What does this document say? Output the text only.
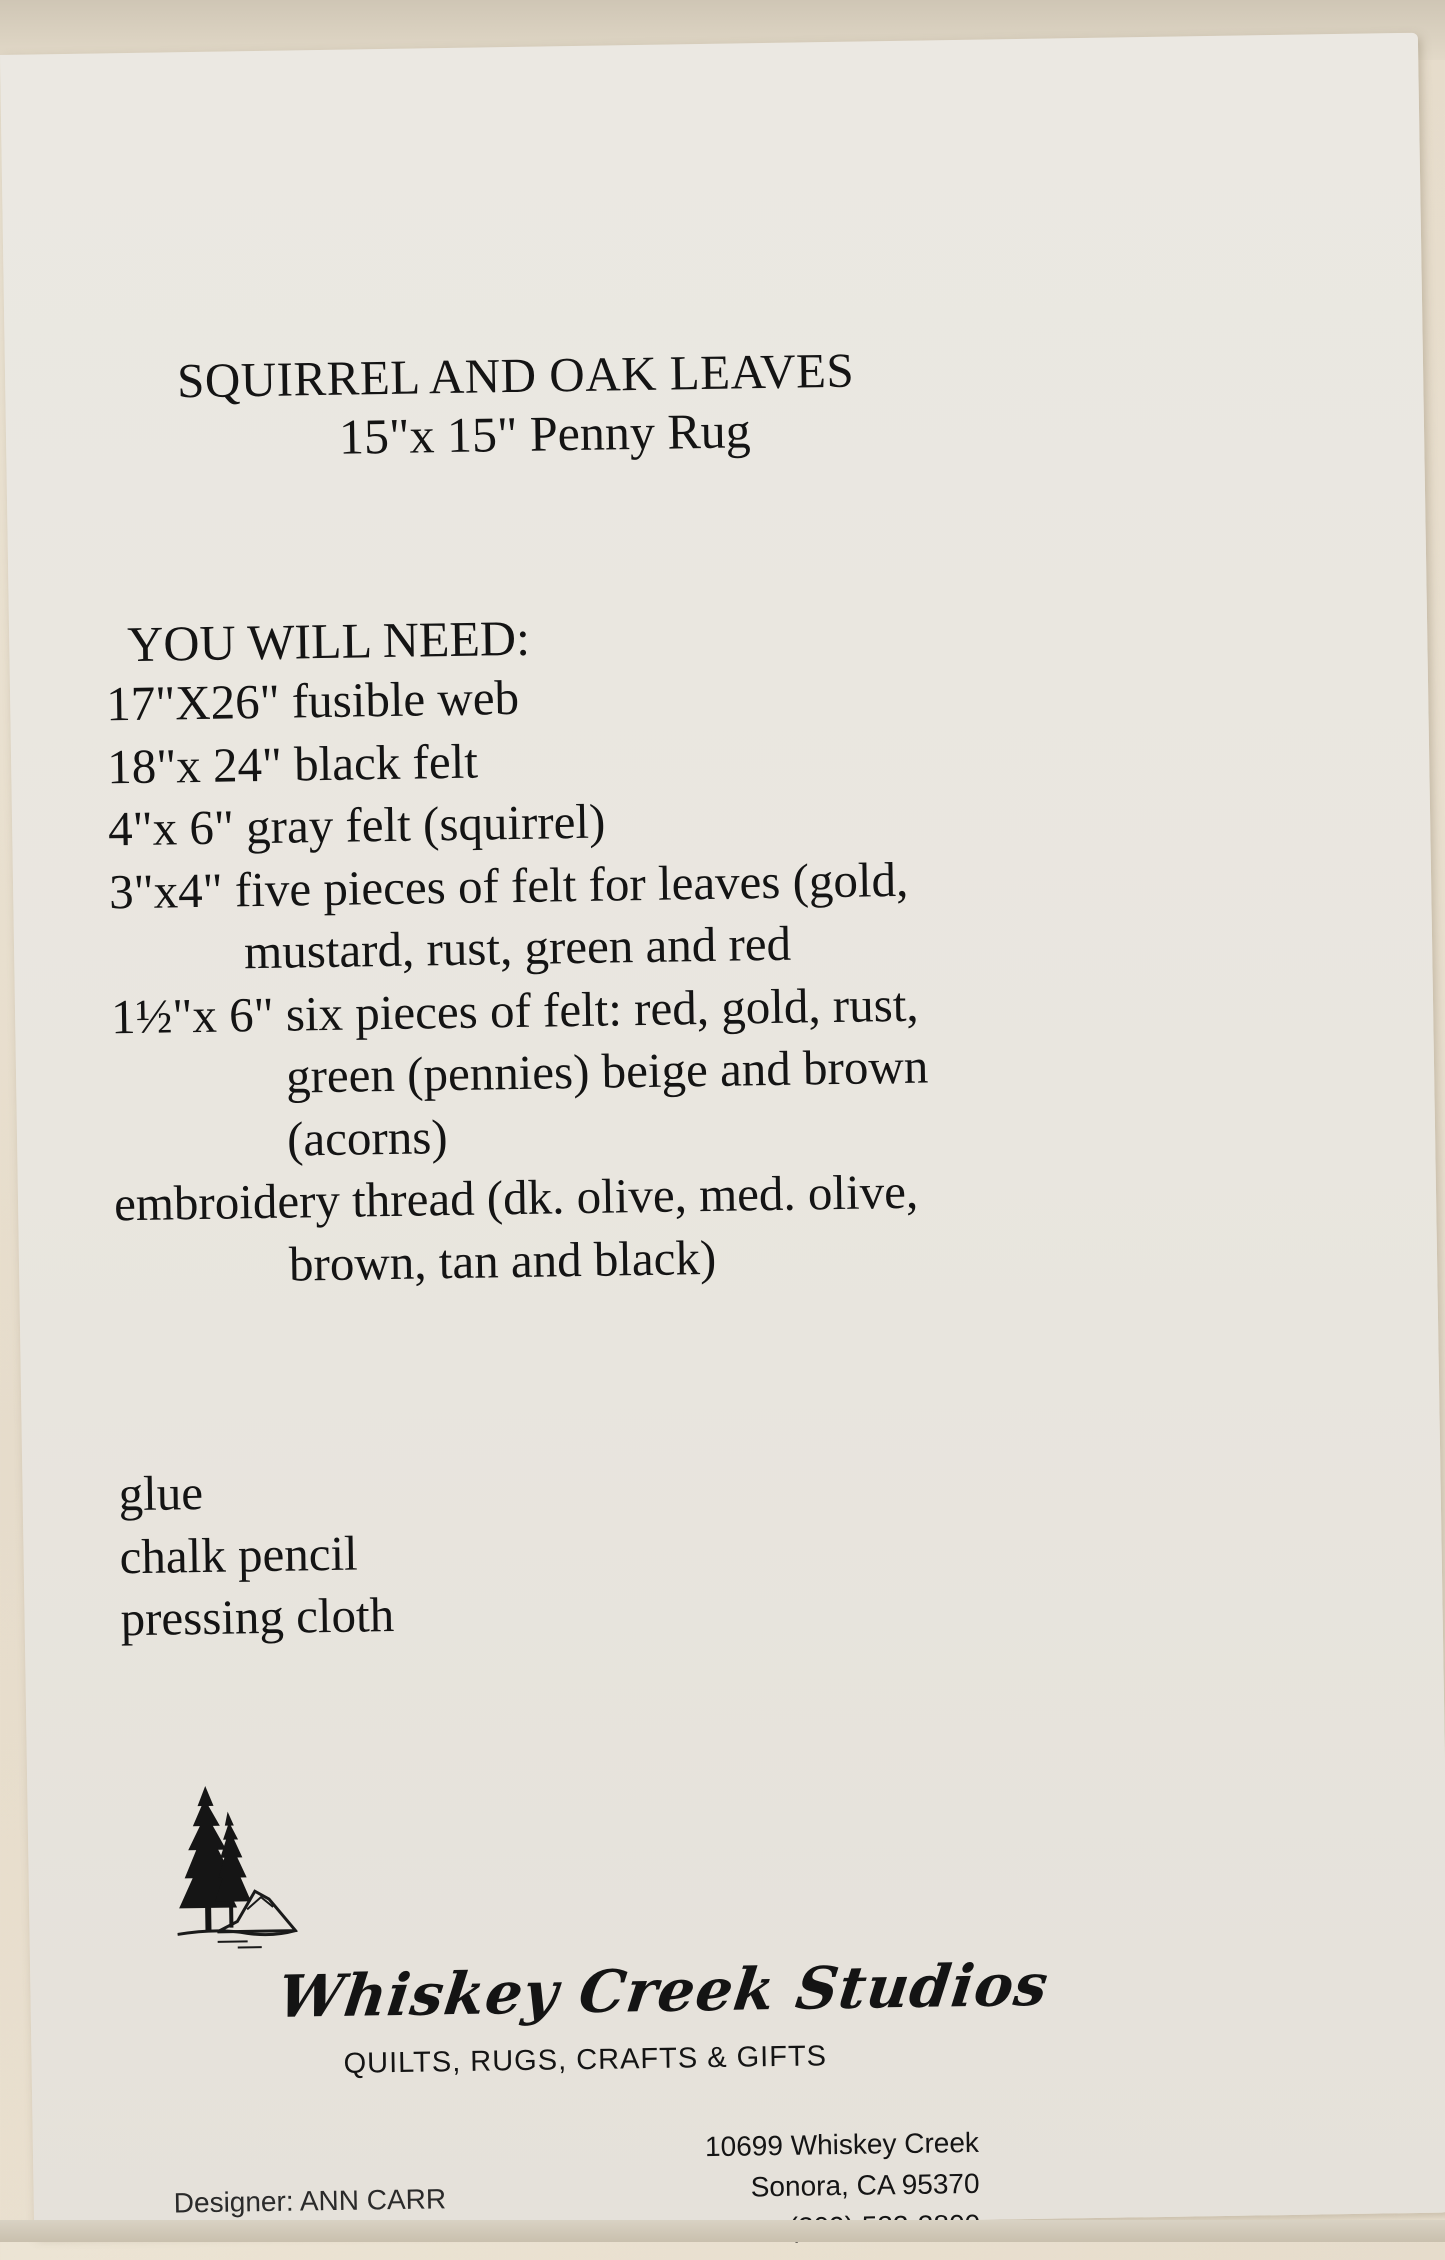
SQUIRREL AND OAK LEAVES
15"x 15" Penny Rug
YOU WILL NEED:
17"X26" fusible web
18"x 24" black felt
4"x 6" gray felt (squirrel)
3"x4" five pieces of felt for leaves (gold,
mustard, rust, green and red
1½"x 6" six pieces of felt: red, gold, rust,
green (pennies) beige and brown
(acorns)
embroidery thread (dk. olive, med. olive,
brown, tan and black)
glue
chalk pencil
pressing cloth
Whiskey Creek Studios
QUILTS, RUGS, CRAFTS & GIFTS
Designer: ANN CARR
10699 Whiskey Creek
Sonora, CA 95370
